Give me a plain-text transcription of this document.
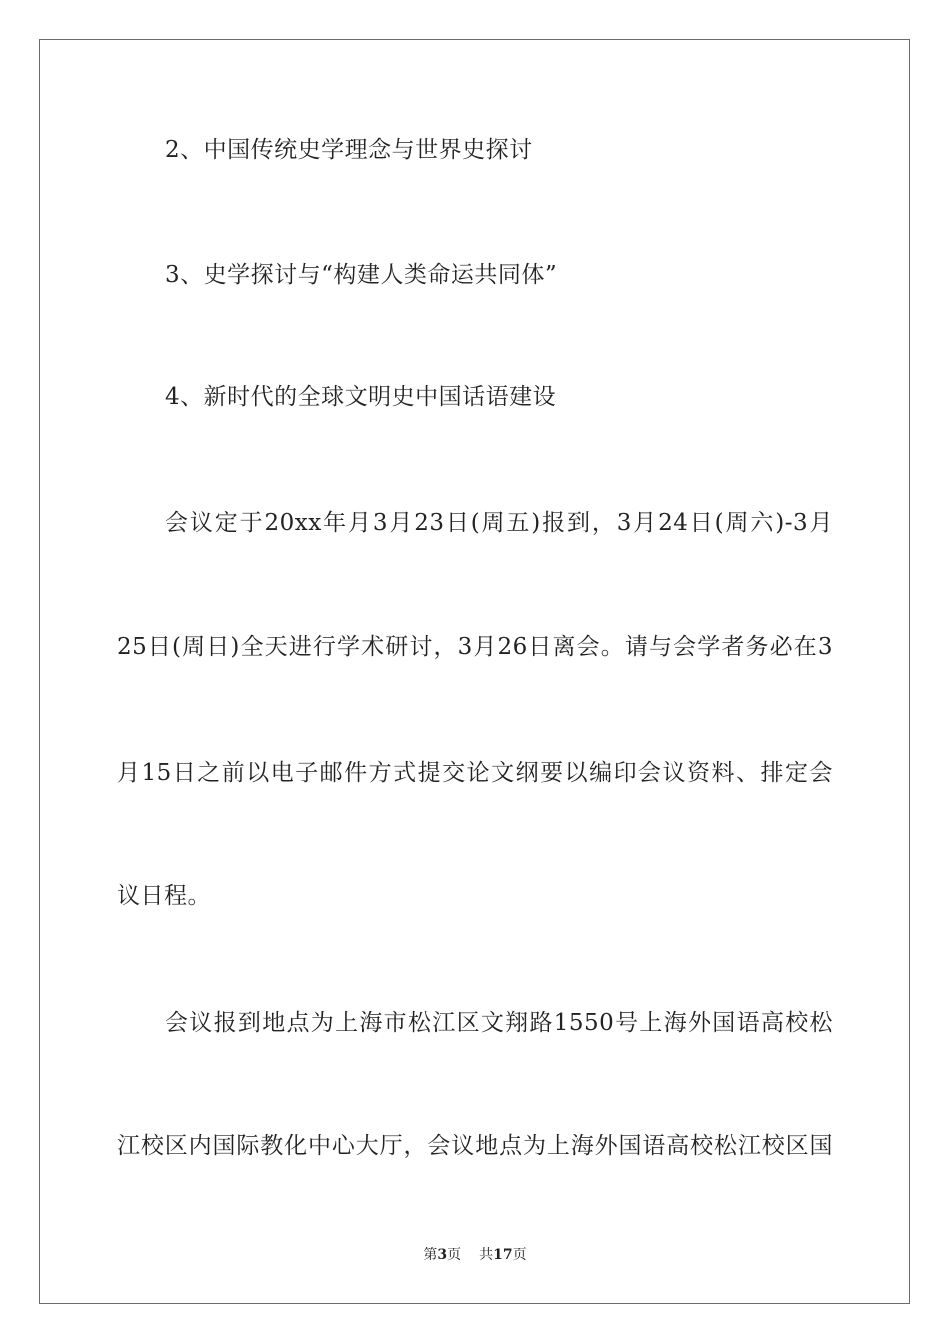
2、中国传统史学理念与世界史探讨
3、史学探讨与“构建人类命运共同体”
4、新时代的全球文明史中国话语建设
会议定于20xx年月3月23日(周五)报到，3月24日(周六)-3月
25日(周日)全天进行学术研讨，3月26日离会。请与会学者务必在3
月15日之前以电子邮件方式提交论文纲要以编印会议资料、排定会
议日程。
会议报到地点为上海市松江区文翔路1550号上海外国语高校松
江校区内国际教化中心大厅，会议地点为上海外国语高校松江校区国
第3页 共17页
